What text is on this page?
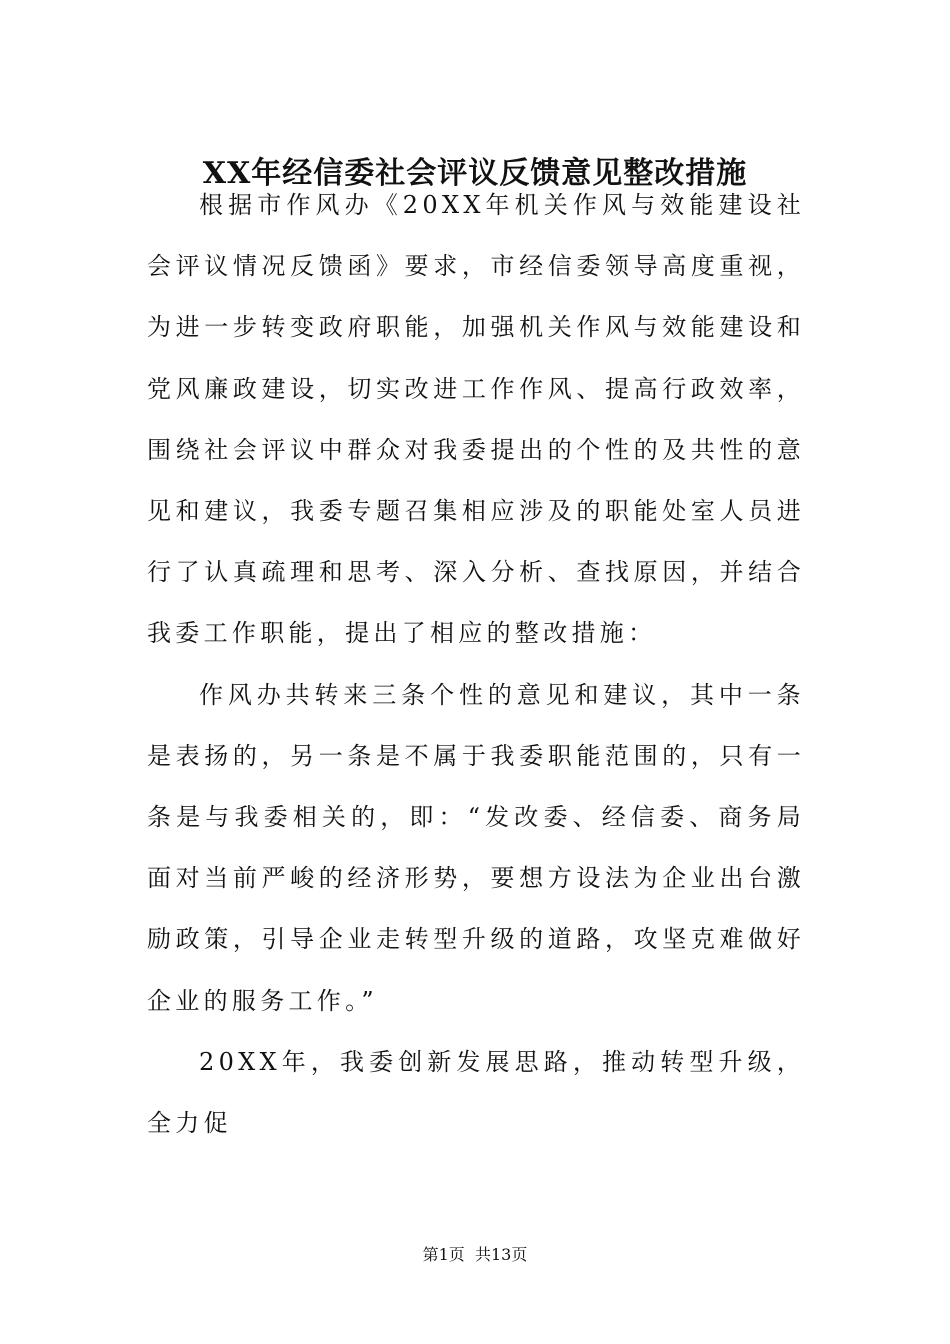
XX年经信委社会评议反馈意见整改措施

根据市作风办《20XX年机关作风与效能建设社会评议情况反馈函》要求，市经信委领导高度重视，为进一步转变政府职能，加强机关作风与效能建设和党风廉政建设，切实改进工作作风、提高行政效率，围绕社会评议中群众对我委提出的个性的及共性的意见和建议，我委专题召集相应涉及的职能处室人员进行了认真疏理和思考、深入分析、查找原因，并结合我委工作职能，提出了相应的整改措施：

作风办共转来三条个性的意见和建议，其中一条是表扬的，另一条是不属于我委职能范围的，只有一条是与我委相关的，即：“发改委、经信委、商务局面对当前严峻的经济形势，要想方设法为企业出台激励政策，引导企业走转型升级的道路，攻坚克难做好企业的服务工作。”

20XX年，我委创新发展思路，推动转型升级，全力促

第1页 共13页
